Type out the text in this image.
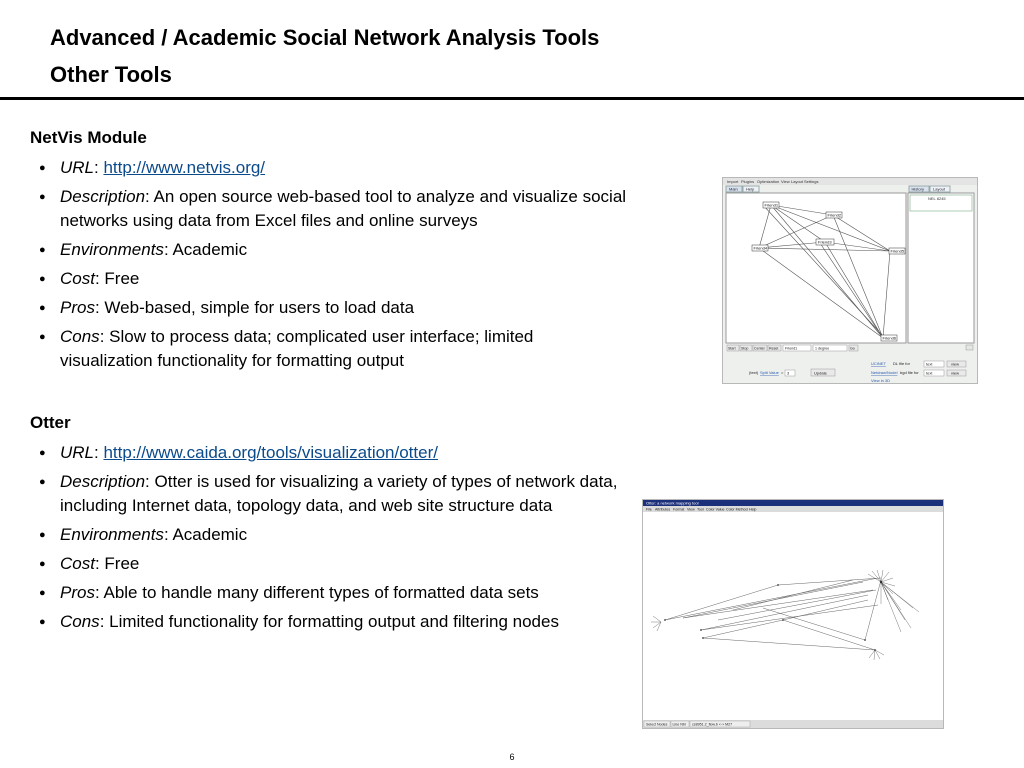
Advanced / Academic Social Network Analysis Tools
Other Tools
NetVis Module
● URL: http://www.netvis.org/
● Description: An open source web-based tool to analyze and visualize social networks using data from Excel files and online surveys
● Environments: Academic
● Cost: Free
● Pros: Web-based, simple for users to load data
● Cons: Slow to process data; complicated user interface; limited visualization functionality for formatting output
Otter
● URL: http://www.caida.org/tools/visualization/otter/
● Description: Otter is used for visualizing a variety of types of network data, including Internet data, topology data, and web site structure data
● Environments: Academic
● Cost: Free
● Pros: Able to handle many different types of formatted data sets
● Cons: Limited functionality for formatting output and filtering nodes
Import Plugins Optimization View Layout Settings
Main Help
Friend1
Friend2
Friend3
Friend4
Friend5
Friend6
History Layout
NEL 8245
Start Stop Center Reset Friend1	1 degree	Go
(text) Split Value = 3	Update
UCINET DL file for	text	view
Netdraw/Nodel bgd file for text	view
View in 3D
Otter: a network mapping tool
File Attributes Format View Tool Color Value Color Method Help
Select Nodes Line Nbr cs8951.2_flow.b <-> M27
6
